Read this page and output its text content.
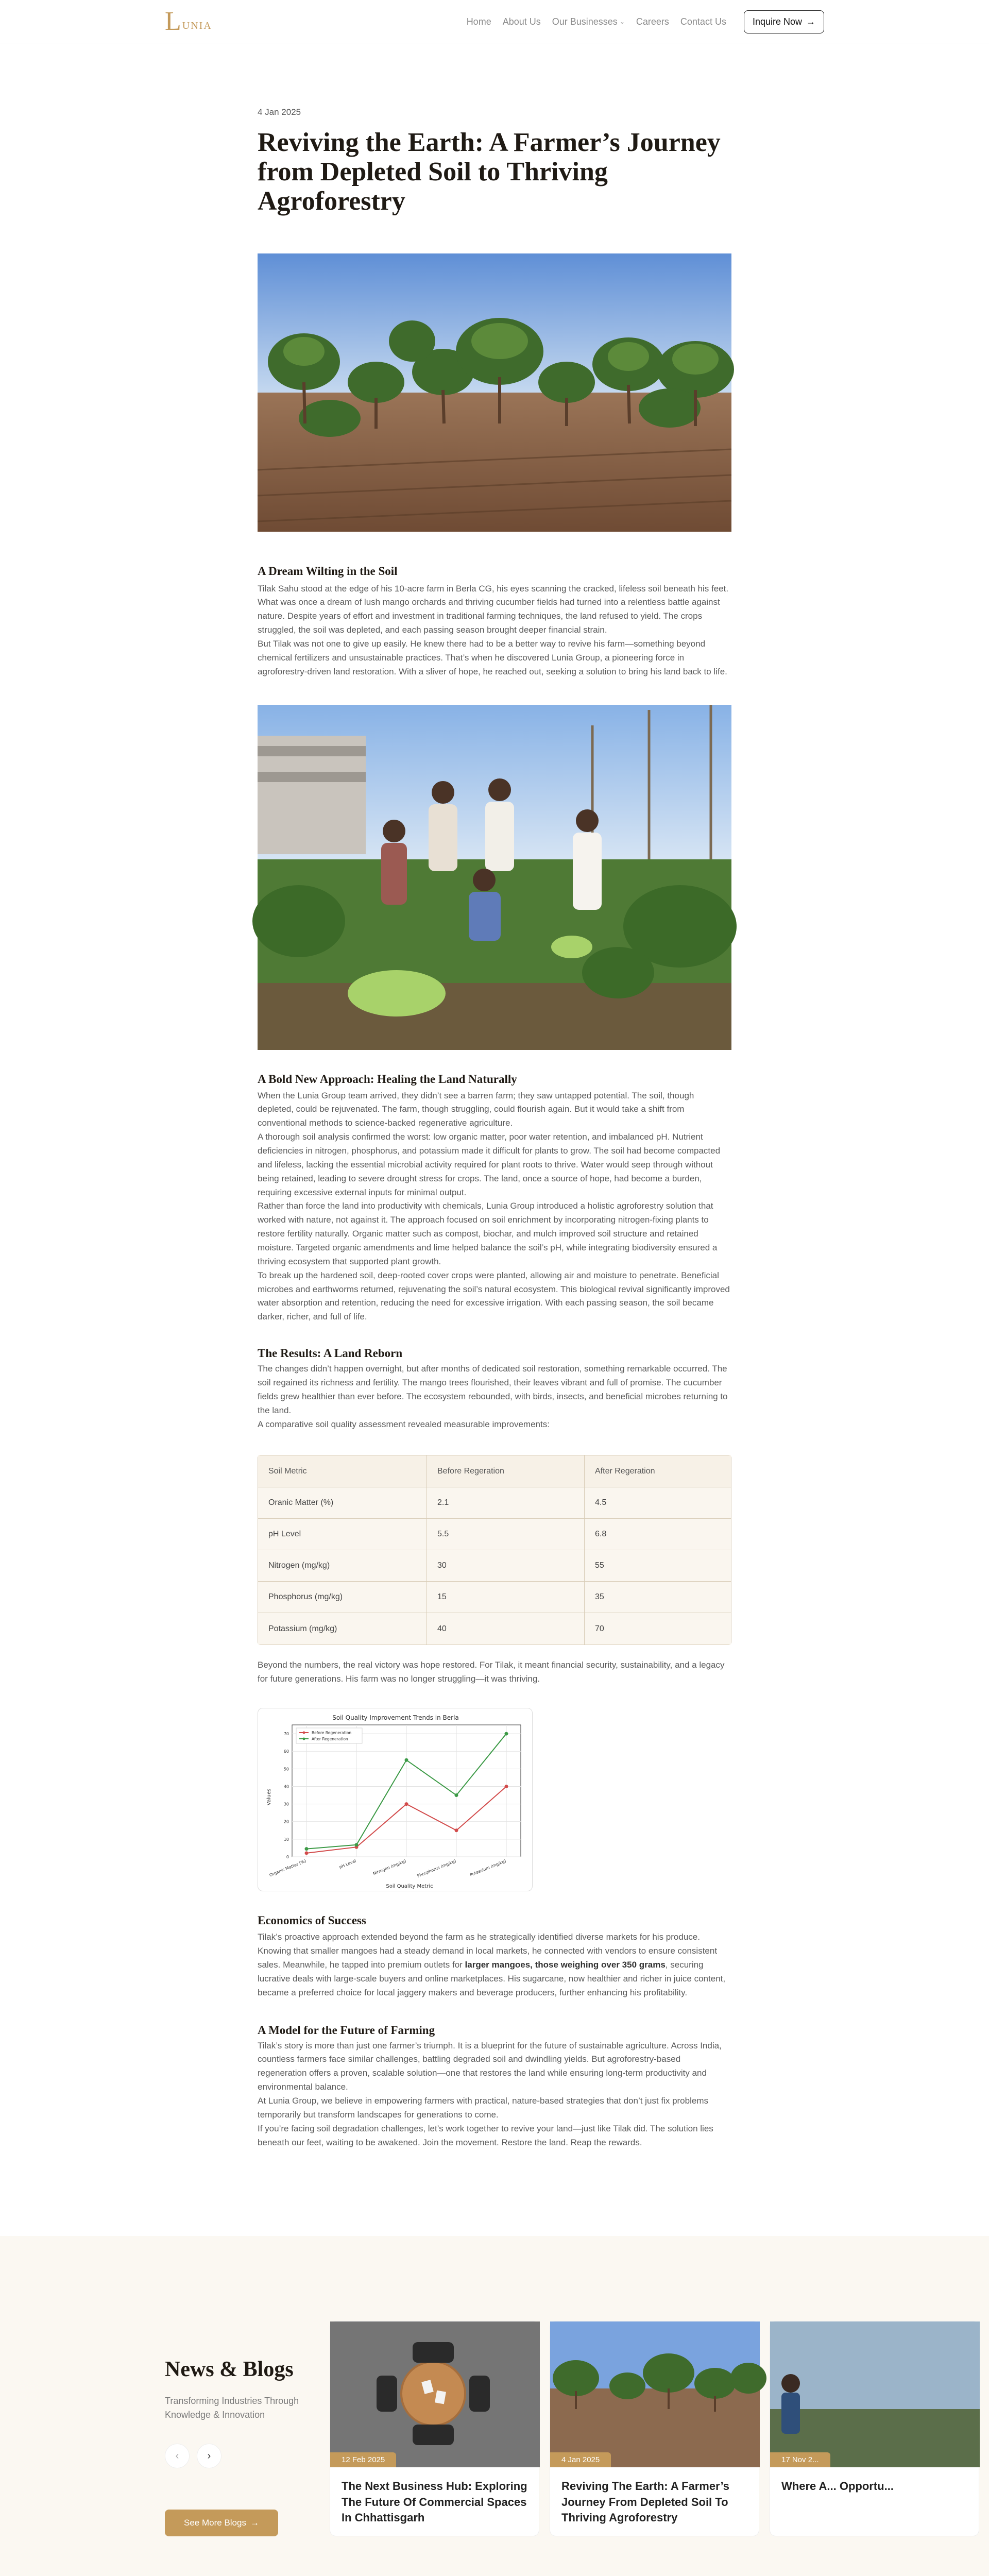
L UNIA	Home About Us Our Businesses ⌄ Careers Contact Us	Inquire Now →
4 Jan 2025
Reviving the Earth: A Farmer’s Journey from Depleted Soil to Thriving Agroforestry
A Dream Wilting in the Soil

Tilak Sahu stood at the edge of his 10-acre farm in Berla CG, his eyes scanning the cracked, lifeless soil beneath his feet. What was once a dream of lush mango orchards and thriving cucumber fields had turned into a relentless battle against nature. Despite years of effort and investment in traditional farming techniques, the land refused to yield. The crops struggled, the soil was depleted, and each passing season brought deeper financial strain.

But Tilak was not one to give up easily. He knew there had to be a better way to revive his farm—something beyond chemical fertilizers and unsustainable practices. That’s when he discovered Lunia Group, a pioneering force in agroforestry-driven land restoration. With a sliver of hope, he reached out, seeking a solution to bring his land back to life.

A Bold New Approach: Healing the Land Naturally

When the Lunia Group team arrived, they didn’t see a barren farm; they saw untapped potential. The soil, though depleted, could be rejuvenated. The farm, though struggling, could flourish again. But it would take a shift from conventional methods to science-backed regenerative agriculture.

A thorough soil analysis confirmed the worst: low organic matter, poor water retention, and imbalanced pH. Nutrient deficiencies in nitrogen, phosphorus, and potassium made it difficult for plants to grow. The soil had become compacted and lifeless, lacking the essential microbial activity required for plant roots to thrive. Water would seep through without being retained, leading to severe drought stress for crops. The land, once a source of hope, had become a burden, requiring excessive external inputs for minimal output.

Rather than force the land into productivity with chemicals, Lunia Group introduced a holistic agroforestry solution that worked with nature, not against it. The approach focused on soil enrichment by incorporating nitrogen-fixing plants to restore fertility naturally. Organic matter such as compost, biochar, and mulch improved soil structure and retained moisture. Targeted organic amendments and lime helped balance the soil’s pH, while integrating biodiversity ensured a thriving ecosystem that supported plant growth.

To break up the hardened soil, deep-rooted cover crops were planted, allowing air and moisture to penetrate. Beneficial microbes and earthworms returned, rejuvenating the soil’s natural ecosystem. This biological revival significantly improved water absorption and retention, reducing the need for excessive irrigation. With each passing season, the soil became darker, richer, and full of life.

The Results: A Land Reborn

The changes didn’t happen overnight, but after months of dedicated soil restoration, something remarkable occurred. The soil regained its richness and fertility. The mango trees flourished, their leaves vibrant and full of promise. The cucumber fields grew healthier than ever before. The ecosystem rebounded, with birds, insects, and beneficial microbes returning to the land.

A comparative soil quality assessment revealed measurable improvements:

Soil Metric	Before Regeration	After Regeration
Oranic Matter (%)	2.1	4.5
pH Level	5.5	6.8
Nitrogen (mg/kg)	30	55
Phosphorus (mg/kg)	15	35
Potassium (mg/kg)	40	70

Beyond the numbers, the real victory was hope restored. For Tilak, it meant financial security, sustainability, and a legacy for future generations. His farm was no longer struggling—it was thriving.

Soil Quality Improvement Trends in Berla
Soil Quality Metric
Values
0
10
20
30
40
50
60
70
Organic Matter (%)	pH Level	Nitrogen (mg/kg) Phosphorus (mg/kg)	Potassium (mg/kg)
Before Regeneration
After Regeneration
Economics of Success

Tilak’s proactive approach extended beyond the farm as he strategically identified diverse markets for his produce. Knowing that smaller mangoes had a steady demand in local markets, he connected with vendors to ensure consistent sales. Meanwhile, he tapped into premium outlets for larger mangoes, those weighing over 350 grams, securing lucrative deals with large-scale buyers and online marketplaces. His sugarcane, now healthier and richer in juice content, became a preferred choice for local jaggery makers and beverage producers, further enhancing his profitability.

A Model for the Future of Farming

Tilak’s story is more than just one farmer’s triumph. It is a blueprint for the future of sustainable agriculture. Across India, countless farmers face similar challenges, battling degraded soil and dwindling yields. But agroforestry-based regeneration offers a proven, scalable solution—one that restores the land while ensuring long-term productivity and environmental balance.

At Lunia Group, we believe in empowering farmers with practical, nature-based strategies that don’t just fix problems temporarily but transform landscapes for generations to come.

If you’re facing soil degradation challenges, let’s work together to revive your land—just like Tilak did. The solution lies beneath our feet, waiting to be awakened. Join the movement. Restore the land. Reap the rewards.

News & Blogs

Transforming Industries Through Knowledge & Innovation

‹	›
See More Blogs →
12 Feb 2025
The Next Business Hub: Exploring The Future Of Commercial Spaces In Chhattisgarh
4 Jan 2025
Reviving The Earth: A Farmer’s Journey From Depleted Soil To Thriving Agroforestry
17 Nov 2...
Where A... Opportu...
